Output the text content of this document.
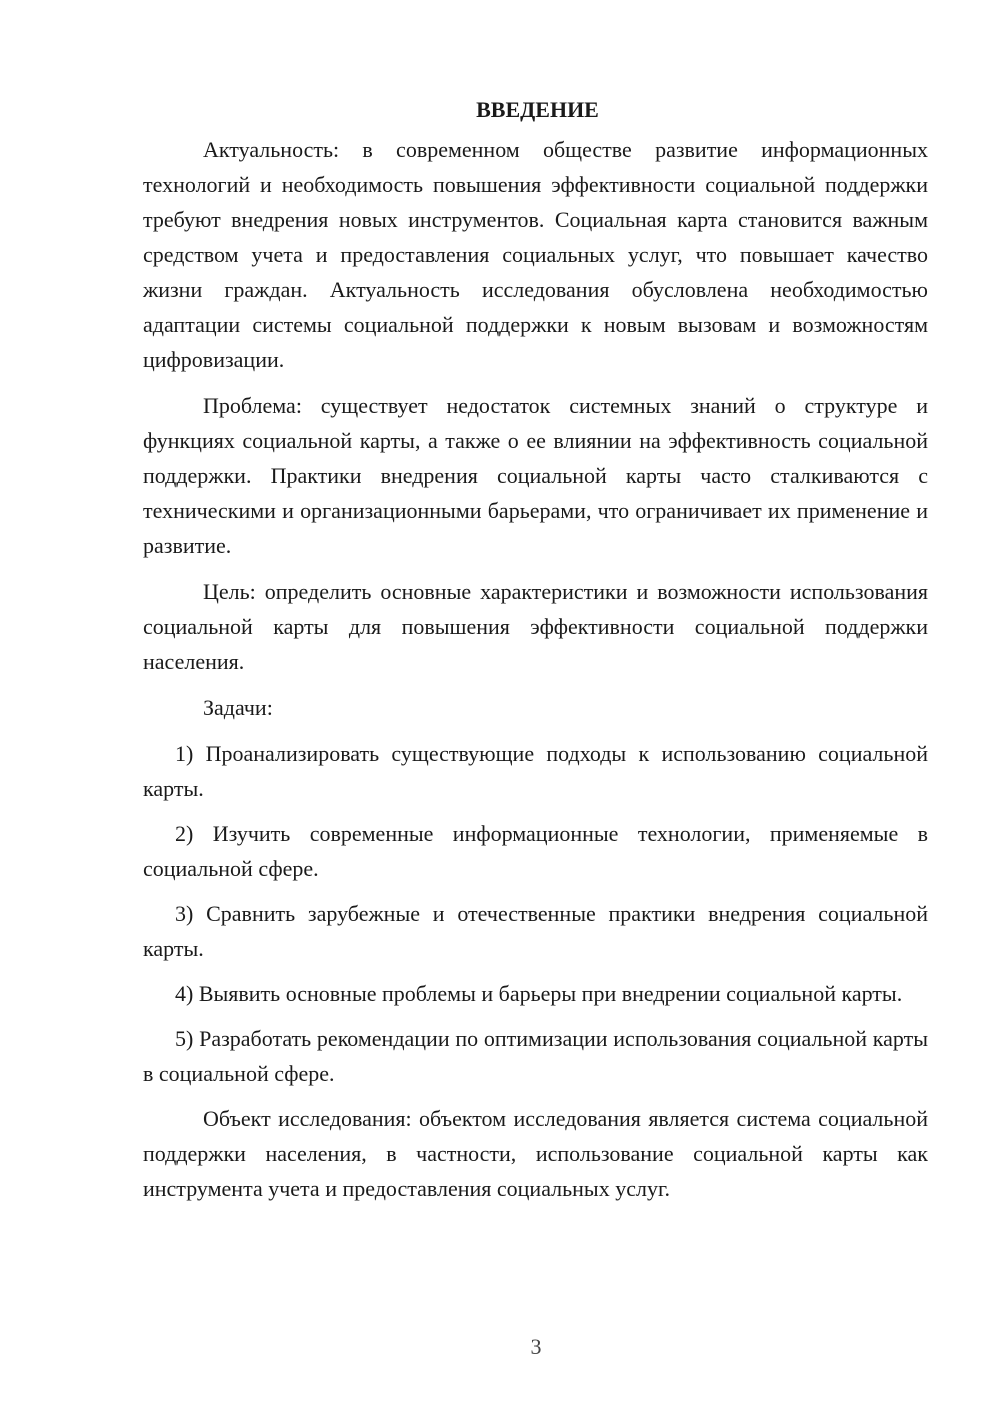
ВВЕДЕНИЕ

Актуальность: в современном обществе развитие информационных технологий и необходимость повышения эффективности социальной поддержки требуют внедрения новых инструментов. Социальная карта становится важным средством учета и предоставления социальных услуг, что повышает качество жизни граждан. Актуальность исследования обусловлена необходимостью адаптации системы социальной поддержки к новым вызовам и возможностям цифровизации.

Проблема: существует недостаток системных знаний о структуре и функциях социальной карты, а также о ее влиянии на эффективность социальной поддержки. Практики внедрения социальной карты часто сталкиваются с техническими и организационными барьерами, что ограничивает их применение и развитие.

Цель: определить основные характеристики и возможности использования социальной карты для повышения эффективности социальной поддержки населения.

Задачи:

1) Проанализировать существующие подходы к использованию социальной карты.

2) Изучить современные информационные технологии, применяемые в социальной сфере.

3) Сравнить зарубежные и отечественные практики внедрения социальной карты.

4) Выявить основные проблемы и барьеры при внедрении социальной карты.

5) Разработать рекомендации по оптимизации использования социальной карты в социальной сфере.

Объект исследования: объектом исследования является система социальной поддержки населения, в частности, использование социальной карты как инструмента учета и предоставления социальных услуг.

3
